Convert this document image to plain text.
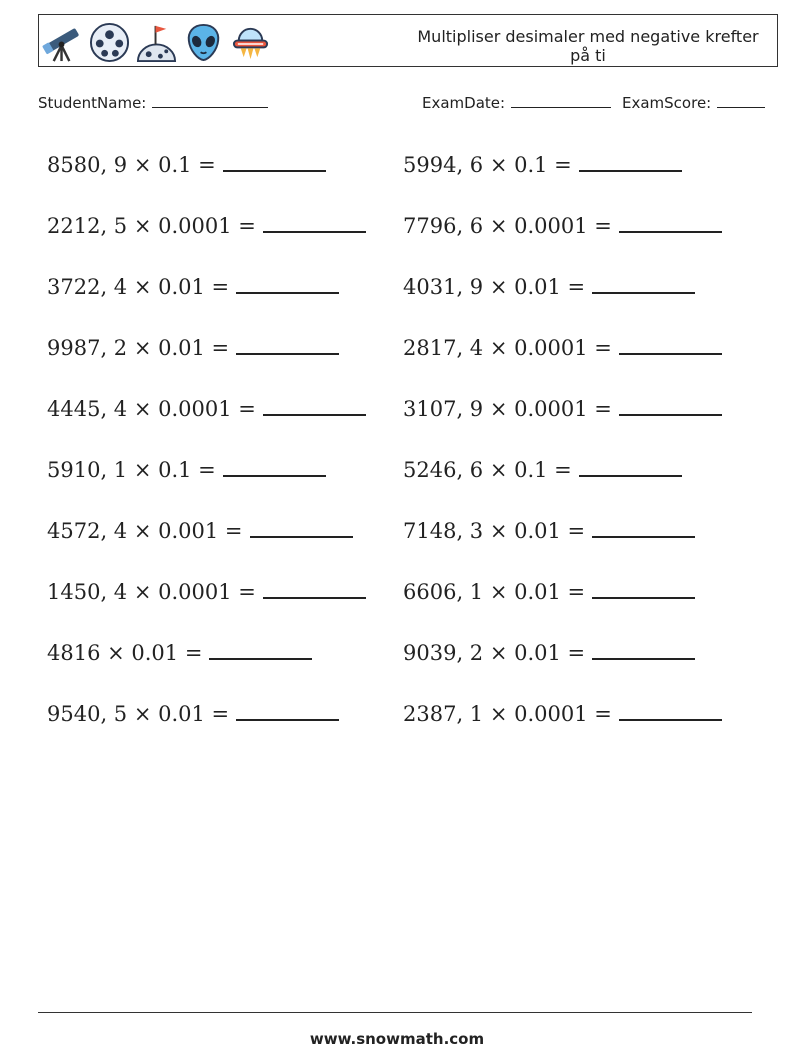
Multipliser desimaler med negative krefter på ti
StudentName:	ExamDate:	ExamScore:
8580, 9 × 0.1 =
2212, 5 × 0.0001 =
3722, 4 × 0.01 =
9987, 2 × 0.01 =
4445, 4 × 0.0001 =
5910, 1 × 0.1 =
4572, 4 × 0.001 =
1450, 4 × 0.0001 =
4816 × 0.01 =
9540, 5 × 0.01 =
5994, 6 × 0.1 =
7796, 6 × 0.0001 =
4031, 9 × 0.01 =
2817, 4 × 0.0001 =
3107, 9 × 0.0001 =
5246, 6 × 0.1 =
7148, 3 × 0.01 =
6606, 1 × 0.01 =
9039, 2 × 0.01 =
2387, 1 × 0.0001 =
www.snowmath.com
